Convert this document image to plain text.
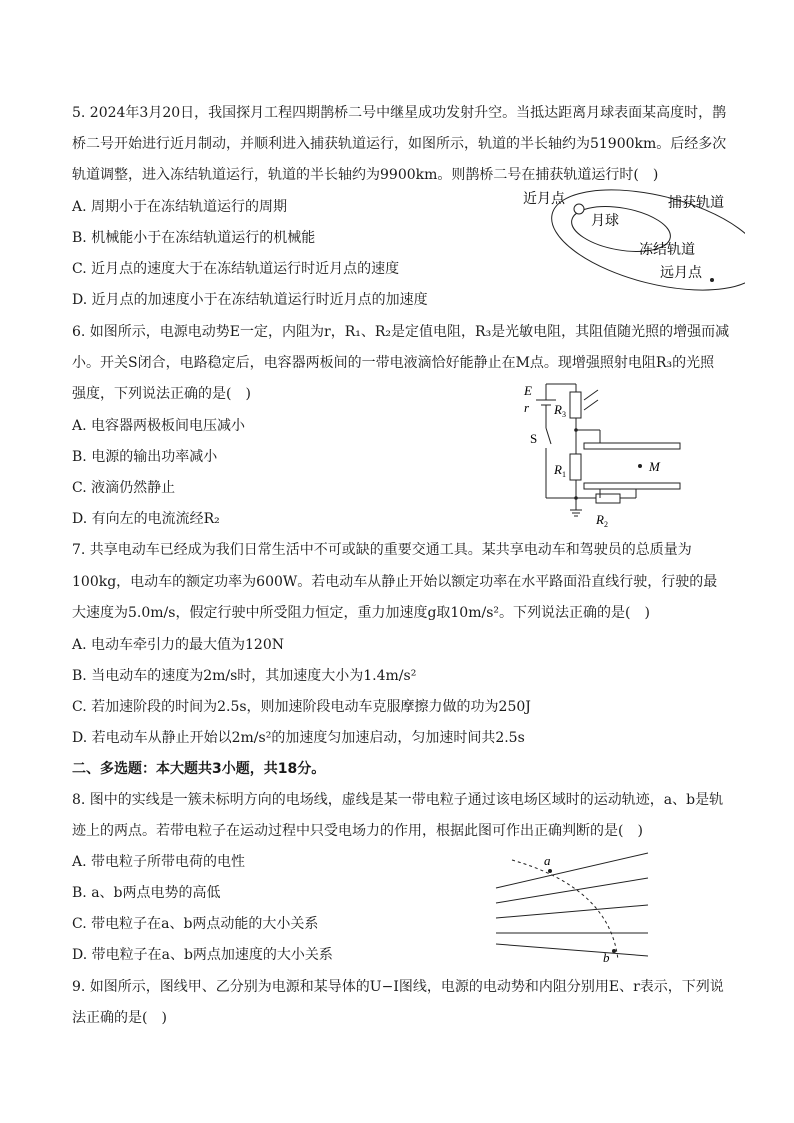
5. 2024年3月20日，我国探月工程四期鹊桥二号中继星成功发射升空。当抵达距离月球表面某高度时，鹊
桥二号开始进行近月制动，并顺利进入捕获轨道运行，如图所示，轨道的半长轴约为51900km。后经多次
轨道调整，进入冻结轨道运行，轨道的半长轴约为9900km。则鹊桥二号在捕获轨道运行时(　)
A. 周期小于在冻结轨道运行的周期
B. 机械能小于在冻结轨道运行的机械能
C. 近月点的速度大于在冻结轨道运行时近月点的速度
D. 近月点的加速度小于在冻结轨道运行时近月点的加速度
近月点
月球
捕获轨道
冻结轨道
远月点
6. 如图所示，电源电动势E一定，内阻为r，R₁、R₂是定值电阻，R₃是光敏电阻，其阻值随光照的增强而减
小。开关S闭合，电路稳定后，电容器两板间的一带电液滴恰好能静止在M点。现增强照射电阻R₃的光照
强度，下列说法正确的是(　)
A. 电容器两极板间电压减小
B. 电源的输出功率减小
C. 液滴仍然静止
D. 有向左的电流流经R₂
E
r
S
$R_3$
$R_1$
$R_2$
M
7. 共享电动车已经成为我们日常生活中不可或缺的重要交通工具。某共享电动车和驾驶员的总质量为
100kg，电动车的额定功率为600W。若电动车从静止开始以额定功率在水平路面沿直线行驶，行驶的最
大速度为5.0m/s，假定行驶中所受阻力恒定，重力加速度g取10m/s²。下列说法正确的是(　)
A. 电动车牵引力的最大值为120N
B. 当电动车的速度为2m/s时，其加速度大小为1.4m/s²
C. 若加速阶段的时间为2.5s，则加速阶段电动车克服摩擦力做的功为250J
D. 若电动车从静止开始以2m/s²的加速度匀加速启动，匀加速时间共2.5s
二、多选题：本大题共3小题，共18分。
8. 图中的实线是一簇未标明方向的电场线，虚线是某一带电粒子通过该电场区域时的运动轨迹，a、b是轨
迹上的两点。若带电粒子在运动过程中只受电场力的作用，根据此图可作出正确判断的是(　)
A. 带电粒子所带电荷的电性
B. a、b两点电势的高低
C. 带电粒子在a、b两点动能的大小关系
D. 带电粒子在a、b两点加速度的大小关系
a
b
9. 如图所示，图线甲、乙分别为电源和某导体的U−I图线，电源的电动势和内阻分别用E、r表示，下列说
法正确的是(　)
